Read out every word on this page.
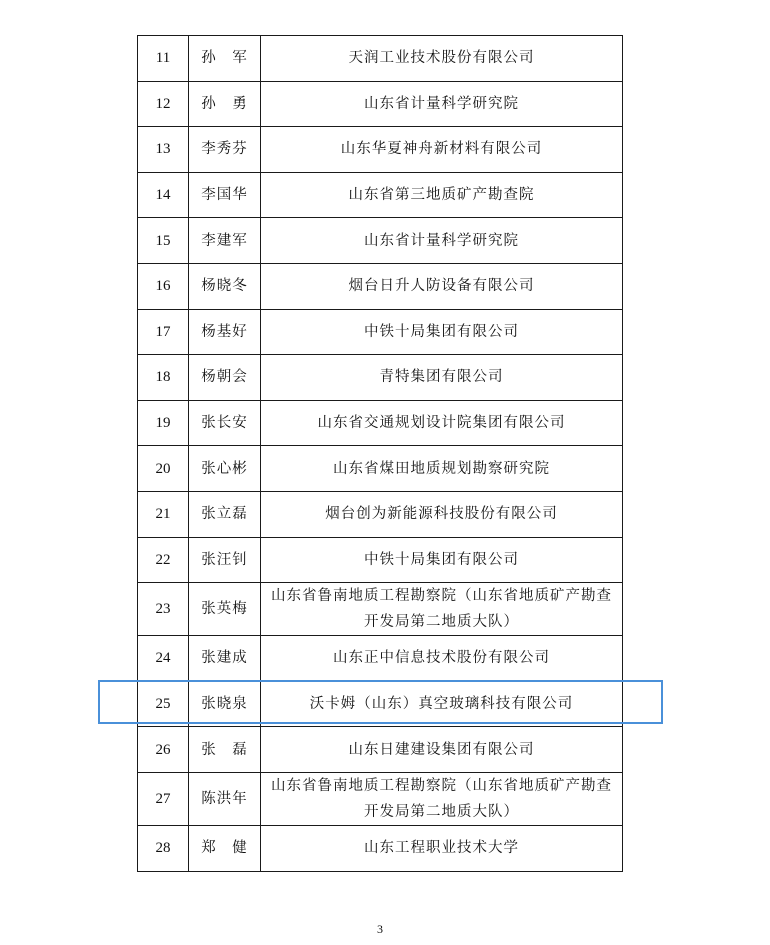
11	孙　军	天润工业技术股份有限公司
12	孙　勇	山东省计量科学研究院
13	李秀芬	山东华夏神舟新材料有限公司
14	李国华	山东省第三地质矿产勘查院
15	李建军	山东省计量科学研究院
16	杨晓冬	烟台日升人防设备有限公司
17	杨基好	中铁十局集团有限公司
18	杨朝会	青特集团有限公司
19	张长安	山东省交通规划设计院集团有限公司
20	张心彬	山东省煤田地质规划勘察研究院
21	张立磊	烟台创为新能源科技股份有限公司
22	张汪钊	中铁十局集团有限公司
23	张英梅	山东省鲁南地质工程勘察院（山东省地质矿产勘查开发局第二地质大队）
24	张建成	山东正中信息技术股份有限公司
25	张晓泉	沃卡姆（山东）真空玻璃科技有限公司
26	张　磊	山东日建建设集团有限公司
27	陈洪年	山东省鲁南地质工程勘察院（山东省地质矿产勘查开发局第二地质大队）
28	郑　健	山东工程职业技术大学
3
